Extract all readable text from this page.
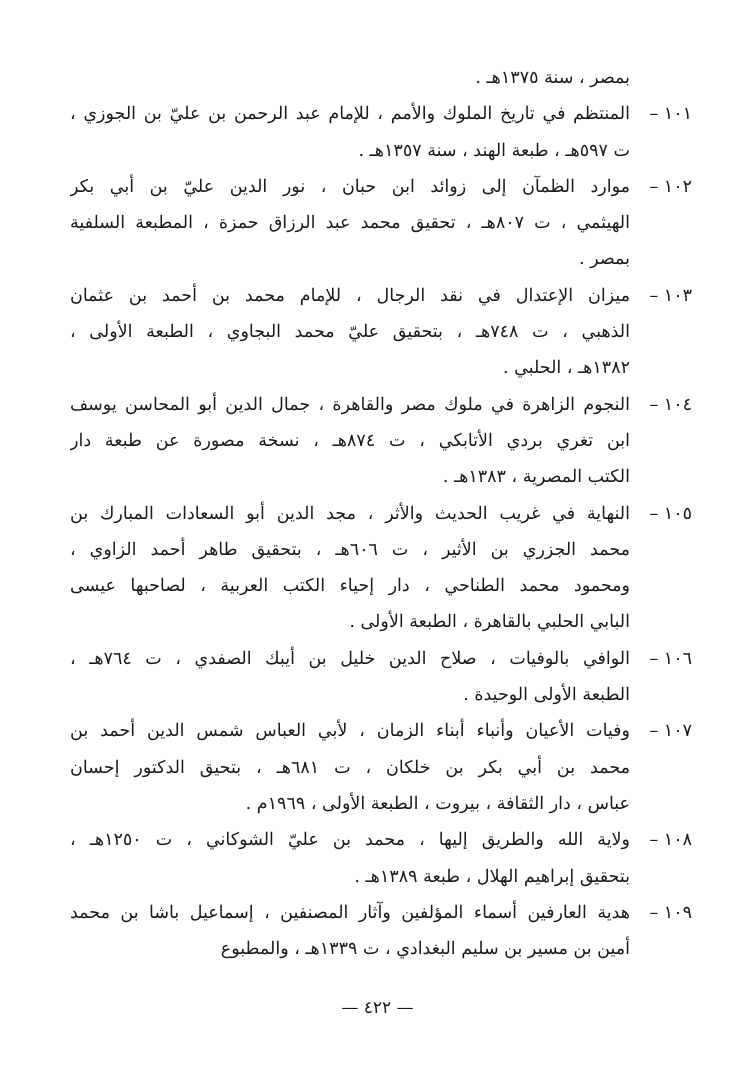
بمصر ، سنة ١٣٧٥هـ .
١٠١ –
المنتظم في تاريخ الملوك والأمم ، للإمام عبد الرحمن بن عليّ بن الجوزي ،
ت ٥٩٧هـ ، طبعة الهند ، سنة ١٣٥٧هـ .
١٠٢ –
موارد الظمآن إلى زوائد ابن حبان ، نور الدين عليّ بن أبي بكر
الهيثمي ، ت ٨٠٧هـ ، تحقيق محمد عبد الرزاق حمزة ، المطبعة السلفية
بمصر .
١٠٣ –
ميزان الإعتدال في نقد الرجال ، للإمام محمد بن أحمد بن عثمان
الذهبي ، ت ٧٤٨هـ ، بتحقيق عليّ محمد البجاوي ، الطبعة الأولى ،
١٣٨٢هـ ، الحلبي .
١٠٤ –
النجوم الزاهرة في ملوك مصر والقاهرة ، جمال الدين أبو المحاسن يوسف
ابن تغري بردي الأتابكي ، ت ٨٧٤هـ ، نسخة مصورة عن طبعة دار
الكتب المصرية ، ١٣٨٣هـ .
١٠٥ –
النهاية في غريب الحديث والأثر ، مجد الدين أبو السعادات المبارك بن
محمد الجزري بن الأثير ، ت ٦٠٦هـ ، بتحقيق طاهر أحمد الزاوي ،
ومحمود محمد الطناحي ، دار إحياء الكتب العربية ، لصاحبها عيسى
البابي الحلبي بالقاهرة ، الطبعة الأولى .
١٠٦ –
الوافي بالوفيات ، صلاح الدين خليل بن أيبك الصفدي ، ت ٧٦٤هـ ،
الطبعة الأولى الوحيدة .
١٠٧ –
وفيات الأعيان وأنباء أبناء الزمان ، لأبي العباس شمس الدين أحمد بن
محمد بن أبي بكر بن خلكان ، ت ٦٨١هـ ، بتحيق الدكتور إحسان
عباس ، دار الثقافة ، بيروت ، الطبعة الأولى ، ١٩٦٩م .
١٠٨ –
ولاية الله والطريق إليها ، محمد بن عليّ الشوكاني ، ت ١٢٥٠هـ ،
بتحقيق إبراهيم الهلال ، طبعة ١٣٨٩هـ .
١٠٩ –
هدية العارفين أسماء المؤلفين وآثار المصنفين ، إسماعيل باشا بن محمد
أمين بن مسير بن سليم البغدادي ، ت ١٣٣٩هـ ، والمطبوع
— ٤٢٢ —
